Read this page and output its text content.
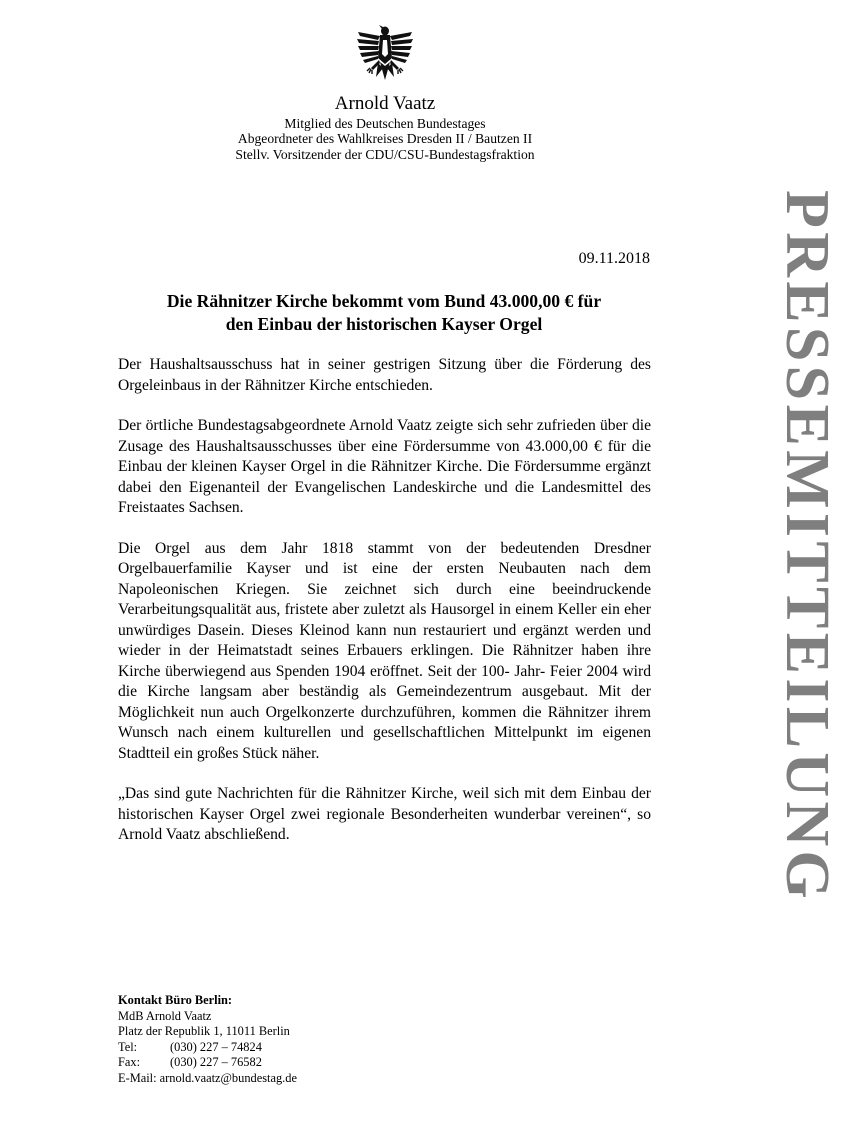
Arnold Vaatz
Mitglied des Deutschen Bundestages
Abgeordneter des Wahlkreises Dresden II / Bautzen II
Stellv. Vorsitzender der CDU/CSU-Bundestagsfraktion
09.11.2018
Die Rähnitzer Kirche bekommt vom Bund 43.000,00 € für
den Einbau der historischen Kayser Orgel

Der Haushaltsausschuss hat in seiner gestrigen Sitzung über die Förderung des Orgeleinbaus in der Rähnitzer Kirche entschieden.

Der örtliche Bundestagsabgeordnete Arnold Vaatz zeigte sich sehr zufrieden über die Zusage des Haushaltsausschusses über eine Fördersumme von 43.000,00 € für die Einbau der kleinen Kayser Orgel in die Rähnitzer Kirche. Die Fördersumme ergänzt dabei den Eigenanteil der Evangelischen Landeskirche und die Landesmittel des Freistaates Sachsen.

Die Orgel aus dem Jahr 1818 stammt von der bedeutenden Dresdner Orgelbauerfamilie Kayser und ist eine der ersten Neubauten nach dem Napoleonischen Kriegen. Sie zeichnet sich durch eine beeindruckende Verarbeitungsqualität aus, fristete aber zuletzt als Hausorgel in einem Keller ein eher unwürdiges Dasein. Dieses Kleinod kann nun restauriert und ergänzt werden und wieder in der Heimatstadt seines Erbauers erklingen. Die Rähnitzer haben ihre Kirche überwiegend aus Spenden 1904 eröffnet. Seit der 100- Jahr- Feier 2004 wird die Kirche langsam aber beständig als Gemeindezentrum ausgebaut. Mit der Möglichkeit nun auch Orgelkonzerte durchzuführen, kommen die Rähnitzer ihrem Wunsch nach einem kulturellen und gesellschaftlichen Mittelpunkt im eigenen Stadtteil ein großes Stück näher.

„Das sind gute Nachrichten für die Rähnitzer Kirche, weil sich mit dem Einbau der historischen Kayser Orgel zwei regionale Besonderheiten wunderbar vereinen“, so Arnold Vaatz abschließend.

Kontakt Büro Berlin:
MdB Arnold Vaatz
Platz der Republik 1, 11011 Berlin
Tel:	(030) 227 – 74824
Fax: (030) 227 – 76582
E-Mail: arnold.vaatz@bundestag.de
PRESSEMITTEILUNG
